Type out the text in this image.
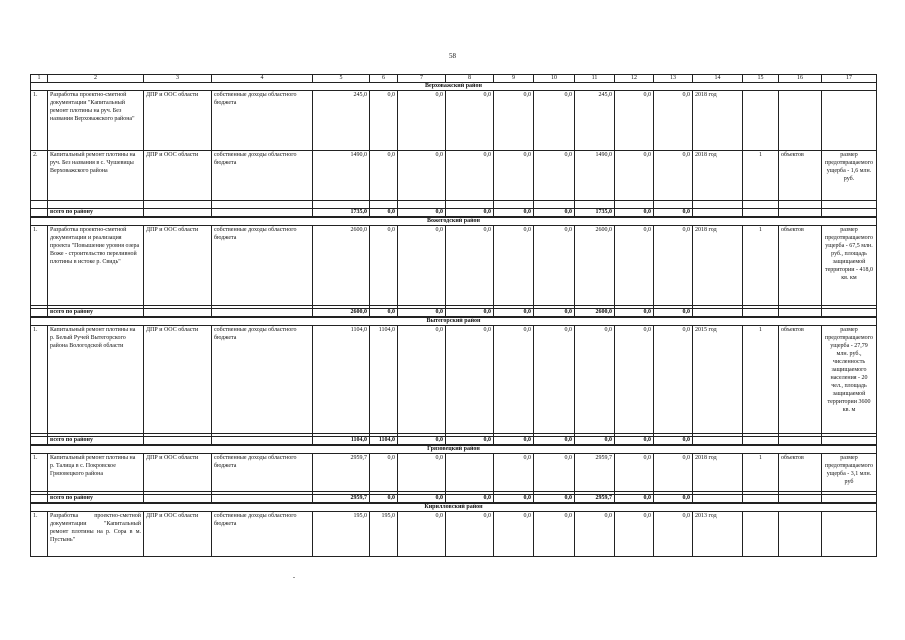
58
1	2	3	4	5	6	7	8	9	10	11	12	13	14	15	16	17
Верховажский район																
1.	Разработка проектно-сметной документации "Капитальный ремонт плотины на руч. Без названия Верховажского района"	ДПР и ООС области	собственные доходы областного бюджета	245,0	0,0	0,0	0,0	0,0	0,0	245,0	0,0	0,0	2018 год			
2.	Капитальный ремонт плотины на руч. Без названия в с. Чушевицы Верховажского района	ДПР и ООС области	собственные доходы областного бюджета	1490,0	0,0	0,0	0,0	0,0	0,0	1490,0	0,0	0,0	2018 год	1	объектов	размер предотвращаемого ущерба - 1,6 млн. руб.

	всего по району			1735,0	0,0	0,0	0,0	0,0	0,0	1735,0	0,0	0,0				
Вожегодский район																
1.	Разработка проектно-сметной документации и реализация проекта "Повышение уровня озера Воже - строительство переливной плотины в истоке р. Свидь"	ДПР и ООС области	собственные доходы областного бюджета	2600,0	0,0	0,0	0,0	0,0	0,0	2600,0	0,0	0,0	2018 год	1	объектов	размер предотвращаемого ущерба - 67,5 млн. руб., площадь защищаемой территории - 418,0 кв. км

	всего по району			2600,0	0,0	0,0	0,0	0,0	0,0	2600,0	0,0	0,0				
Вытегорский район																
1.	Капитальный ремонт плотины на р. Белый Ручей Вытегорского района Вологодской области	ДПР и ООС области	собственные доходы областного бюджета	1104,0	1104,0	0,0	0,0	0,0	0,0	0,0	0,0	0,0	2015 год	1	объектов	размер предотвращаемого ущерба - 27,79 млн. руб., численность защищаемого населения - 20 чел., площадь защищаемой территории 3600 кв. м

	всего по району			1104,0	1104,0	0,0	0,0	0,0	0,0	0,0	0,0	0,0				
Грязовецкий район																
1.	Капитальный ремонт плотины на р. Талица в с. Покровское Грязовецкого района	ДПР и ООС области	собственные доходы областного бюджета	2959,7	0,0	0,0		0,0	0,0	2959,7	0,0	0,0	2018 год	1	объектов	размер предотвращаемого ущерба - 3,1 млн. руб

	всего по району			2959,7	0,0	0,0	0,0	0,0	0,0	2959,7	0,0	0,0				
Кирилловский район																
1.	Разработка проектно-сметной документации "Капитальный ремонт плотины на р. Сора в м. Пустынь"	ДПР и ООС области	собственные доходы областного бюджета	195,0	195,0	0,0	0,0	0,0	0,0	0,0	0,0	0,0	2013 год			
